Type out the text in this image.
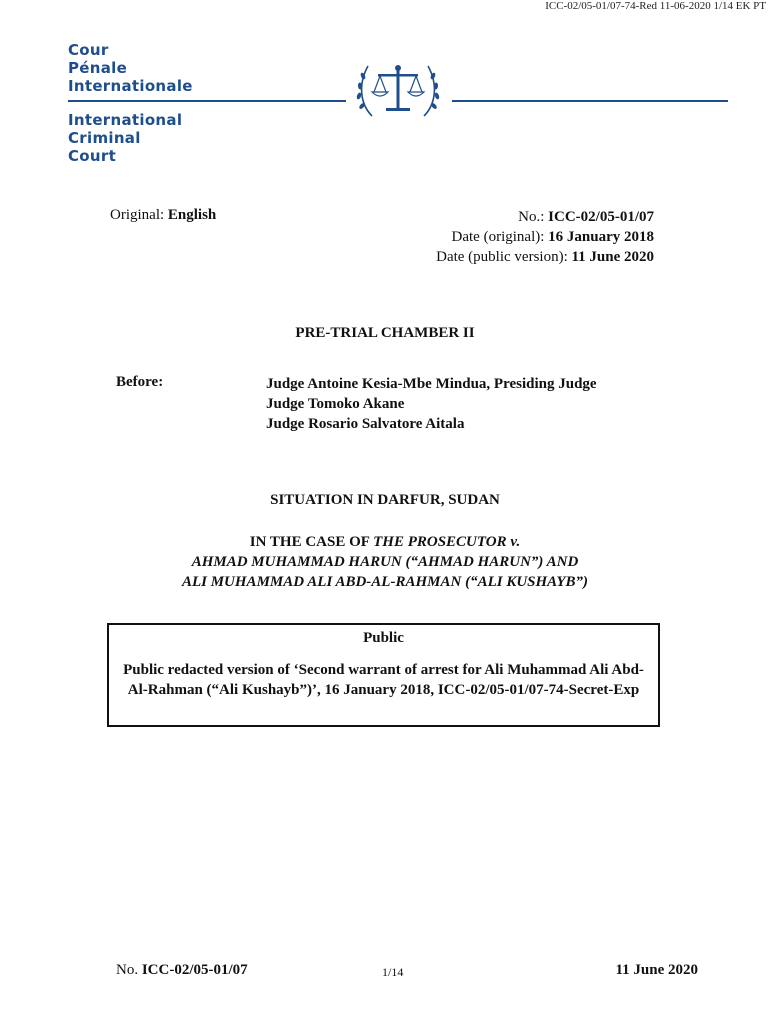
ICC-02/05-01/07-74-Red 11-06-2020 1/14 EK PT
Cour
Pénale
Internationale
International
Criminal
Court
Original: English	No.: ICC-02/05-01/07
Date (original): 16 January 2018
Date (public version): 11 June 2020
PRE-TRIAL CHAMBER II
Before:	Judge Antoine Kesia-Mbe Mindua, Presiding Judge
Judge Tomoko Akane
Judge Rosario Salvatore Aitala
SITUATION IN DARFUR, SUDAN
IN THE CASE OF THE PROSECUTOR v.
AHMAD MUHAMMAD HARUN (“AHMAD HARUN”) AND
ALI MUHAMMAD ALI ABD-AL-RAHMAN (“ALI KUSHAYB”)
Public
Public redacted version of ‘Second warrant of arrest for Ali Muhammad Ali Abd-Al-Rahman (“Ali Kushayb”)’, 16 January 2018, ICC-02/05-01/07-74-Secret-Exp
No. ICC-02/05-01/07	1/14	11 June 2020
